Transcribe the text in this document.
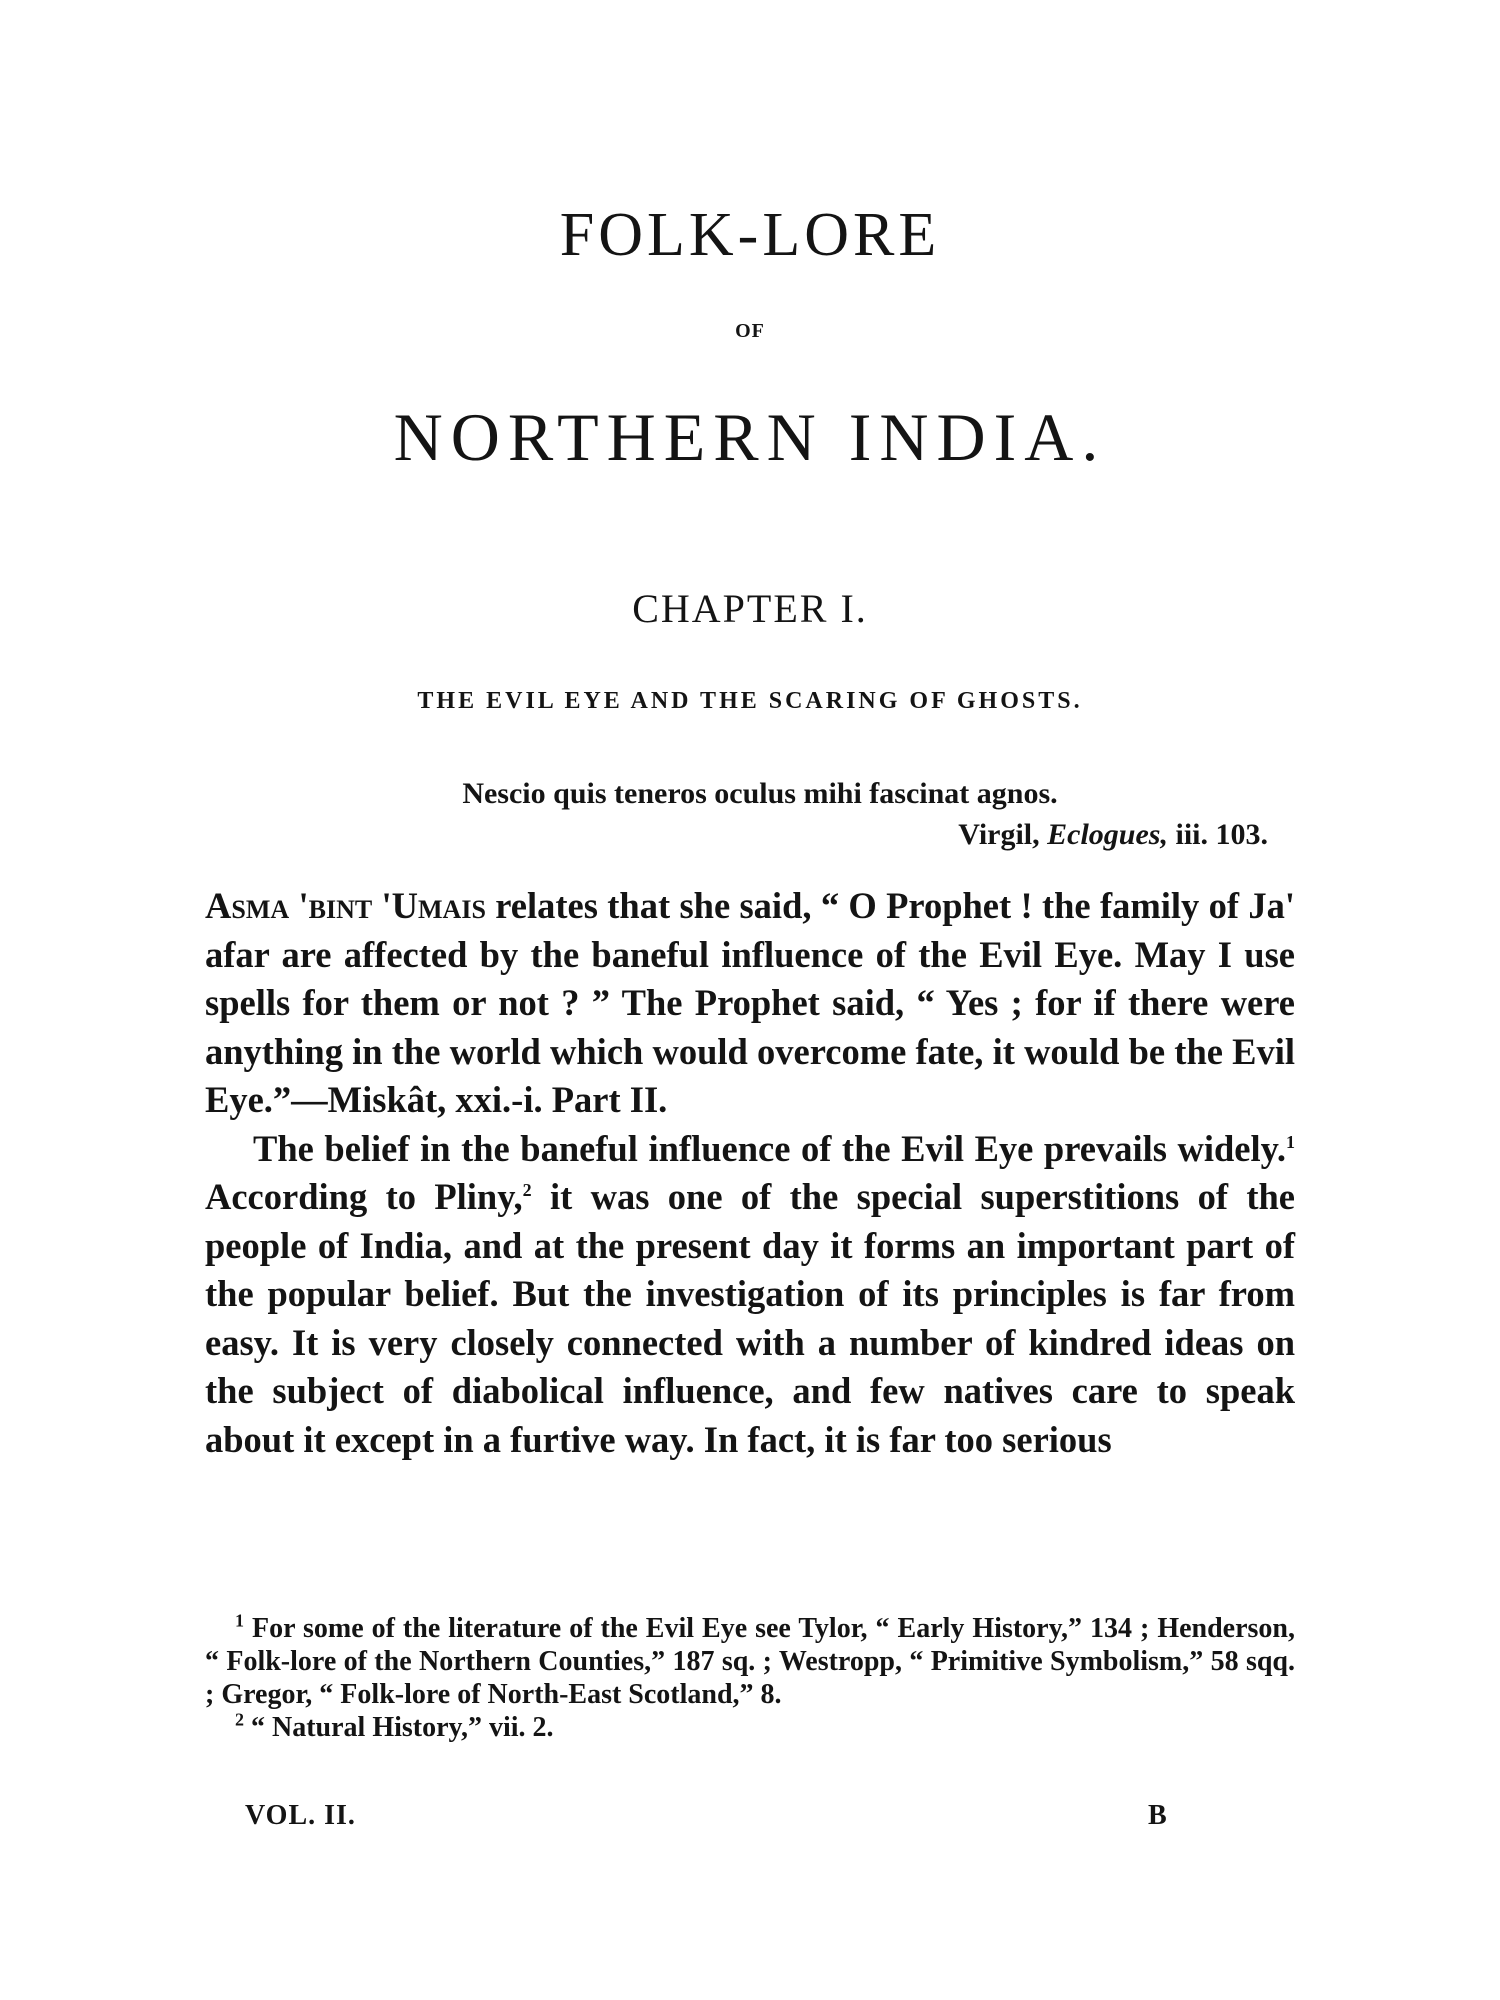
FOLK-LORE
OF
NORTHERN INDIA.
CHAPTER I.
THE EVIL EYE AND THE SCARING OF GHOSTS.
Nescio quis teneros oculus mihi fascinat agnos.
Virgil, Eclogues, iii. 103.

Asma 'bint 'Umais relates that she said, “ O Prophet ! the family of Ja' afar are affected by the baneful influence of the Evil Eye. May I use spells for them or not ? ” The Prophet said, “ Yes ; for if there were anything in the world which would overcome fate, it would be the Evil Eye.”—Miskât, xxi.-i. Part II.

The belief in the baneful influence of the Evil Eye prevails widely.$^1$ According to Pliny,$^2$ it was one of the special superstitions of the people of India, and at the present day it forms an important part of the popular belief. But the investigation of its principles is far from easy. It is very closely connected with a number of kindred ideas on the subject of diabolical influence, and few natives care to speak about it except in a furtive way. In fact, it is far too serious

$^1$ For some of the literature of the Evil Eye see Tylor, “ Early History,” 134 ; Henderson, “ Folk-lore of the Northern Counties,” 187 sq. ; Westropp, “ Primitive Symbolism,” 58 sqq. ; Gregor, “ Folk-lore of North-East Scotland,” 8.

$^2$ “ Natural History,” vii. 2.

VOL. II.	B
